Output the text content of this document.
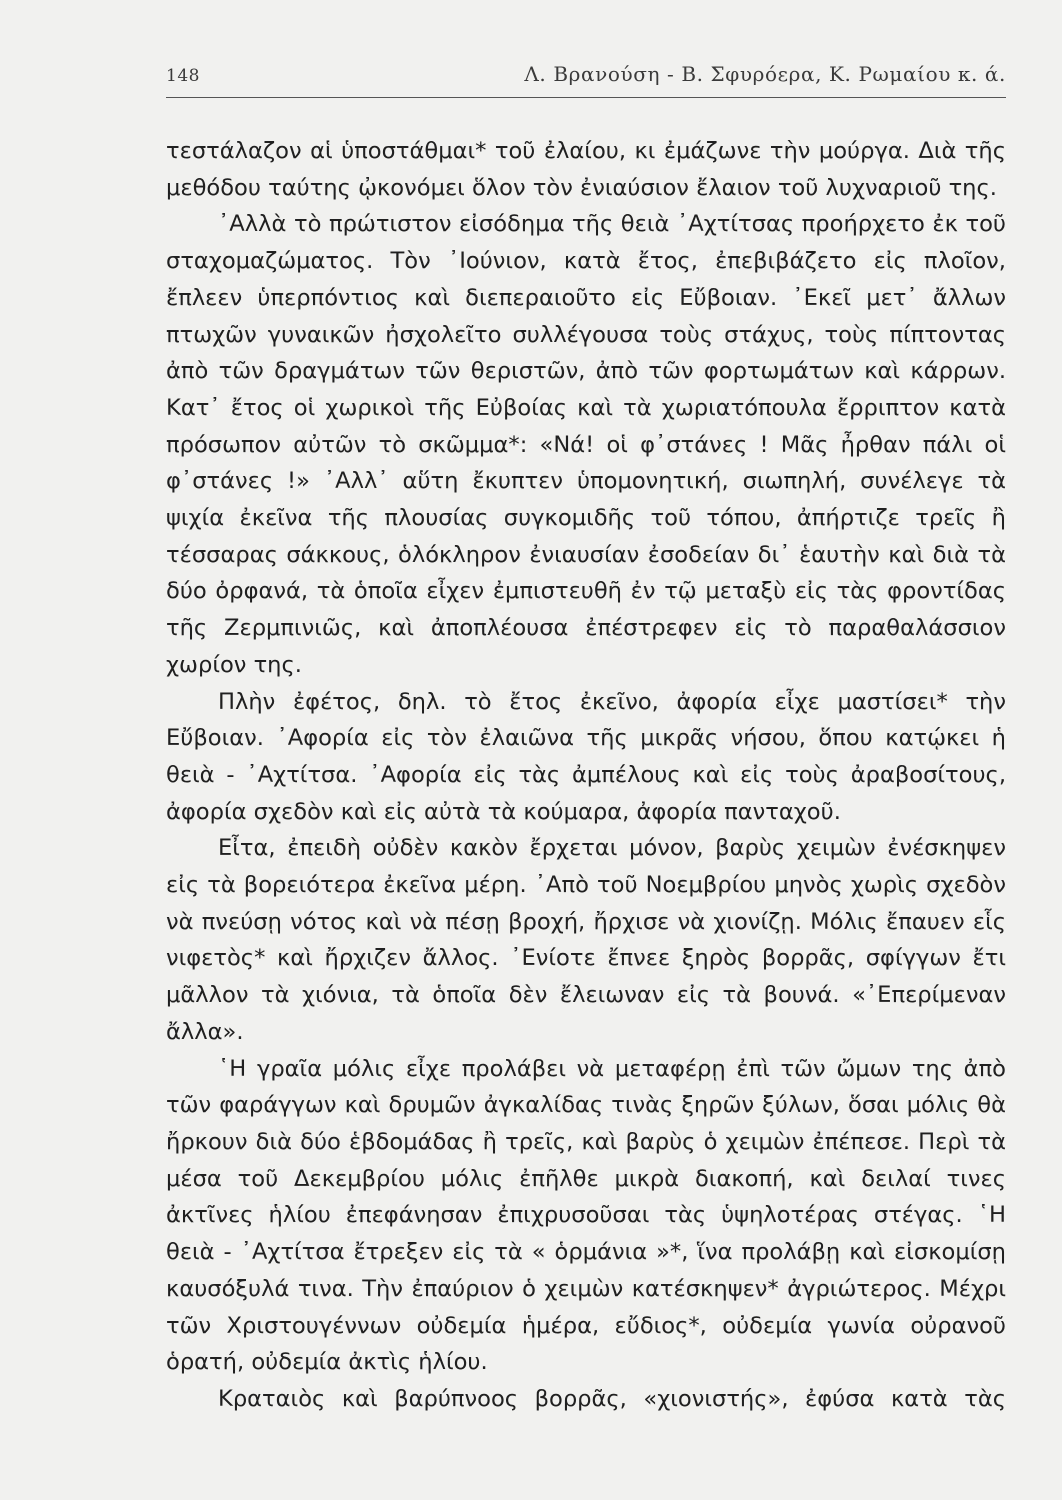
148	Λ. Βρανούση - Β. Σφυρόερα, Κ. Ρωμαίου κ. ά.

τεστάλαζον αἱ ὑποστάθμαι* τοῦ ἐλαίου, κι ἐμάζωνε τὴν μούργα. Διὰ τῆς μεθόδου ταύτης ᾠκονόμει ὅλον τὸν ἐνιαύσιον ἔλαιον τοῦ λυχναριοῦ της.

᾿Αλλὰ τὸ πρώτιστον εἰσόδημα τῆς θειὰ ᾿Αχτίτσας προήρχετο ἐκ τοῦ σταχομαζώματος. Τὸν ᾿Ιούνιον, κατὰ ἔτος, ἐπεβιβάζετο εἰς πλοῖον, ἔπλεεν ὑπερπόντιος καὶ διεπεραιοῦτο εἰς Εὔβοιαν. ᾿Εκεῖ μετ᾿ ἄλλων πτωχῶν γυναικῶν ἠσχολεῖτο συλλέγουσα τοὺς στάχυς, τοὺς πίπτοντας ἀπὸ τῶν δραγμάτων τῶν θεριστῶν, ἀπὸ τῶν φορτωμάτων καὶ κάρρων. Κατ᾿ ἔτος οἱ χωρικοὶ τῆς Εὐβοίας καὶ τὰ χωριατόπουλα ἔρριπτον κατὰ πρόσωπον αὐτῶν τὸ σκῶμμα*: «Νά! οἱ φ᾿στάνες ! Μᾶς ἦρθαν πάλι οἱ φ᾿στάνες !» ᾿Αλλ᾿ αὕτη ἔκυπτεν ὑπομονητική, σιωπηλή, συνέλεγε τὰ ψιχία ἐκεῖνα τῆς πλουσίας συγκομιδῆς τοῦ τόπου, ἀπήρτιζε τρεῖς ἢ τέσσαρας σάκκους, ὁλόκληρον ἐνιαυσίαν ἐσοδείαν δι᾿ ἑαυτὴν καὶ διὰ τὰ δύο ὀρφανά, τὰ ὁποῖα εἶχεν ἐμπιστευθῆ ἐν τῷ μεταξὺ εἰς τὰς φροντίδας τῆς Ζερμπινιῶς, καὶ ἀποπλέουσα ἐπέστρεφεν εἰς τὸ παραθαλάσσιον χωρίον της.

Πλὴν ἐφέτος, δηλ. τὸ ἔτος ἐκεῖνο, ἀφορία εἶχε μαστίσει* τὴν Εὔβοιαν. ᾿Αφορία εἰς τὸν ἐλαιῶνα τῆς μικρᾶς νήσου, ὅπου κατῴκει ἡ θειὰ - ᾿Αχτίτσα. ᾿Αφορία εἰς τὰς ἀμπέλους καὶ εἰς τοὺς ἀραβοσίτους, ἀφορία σχεδὸν καὶ εἰς αὐτὰ τὰ κούμαρα, ἀφορία πανταχοῦ.

Εἶτα, ἐπειδὴ οὐδὲν κακὸν ἔρχεται μόνον, βαρὺς χειμὼν ἐνέσκηψεν εἰς τὰ βορειότερα ἐκεῖνα μέρη. ᾿Απὸ τοῦ Νοεμβρίου μηνὸς χωρὶς σχεδὸν νὰ πνεύσῃ νότος καὶ νὰ πέσῃ βροχή, ἤρχισε νὰ χιονίζῃ. Μόλις ἔπαυεν εἷς νιφετὸς* καὶ ἤρχιζεν ἄλλος. ᾿Ενίοτε ἔπνεε ξηρὸς βορρᾶς, σφίγγων ἔτι μᾶλλον τὰ χιόνια, τὰ ὁποῖα δὲν ἔλειωναν εἰς τὰ βουνά. «᾿Επερίμεναν ἄλλα».

῾Η γραῖα μόλις εἶχε προλάβει νὰ μεταφέρῃ ἐπὶ τῶν ὤμων της ἀπὸ τῶν φαράγγων καὶ δρυμῶν ἀγκαλίδας τινὰς ξηρῶν ξύλων, ὅσαι μόλις θὰ ἤρκουν διὰ δύο ἑβδομάδας ἢ τρεῖς, καὶ βαρὺς ὁ χειμὼν ἐπέπεσε. Περὶ τὰ μέσα τοῦ Δεκεμβρίου μόλις ἐπῆλθε μικρὰ διακοπή, καὶ δειλαί τινες ἀκτῖνες ἡλίου ἐπεφάνησαν ἐπιχρυσοῦσαι τὰς ὑψηλοτέρας στέγας. ῾Η θειὰ - ᾿Αχτίτσα ἔτρεξεν εἰς τὰ « ὁρμάνια »*, ἵνα προλάβῃ καὶ εἰσκομίσῃ καυσόξυλά τινα. Τὴν ἐπαύριον ὁ χειμὼν κατέσκηψεν* ἀγριώτερος. Μέχρι τῶν Χριστουγέννων οὐδεμία ἡμέρα, εὔδιος*, οὐδεμία γωνία οὐρανοῦ ὁρατή, οὐδεμία ἀκτὶς ἡλίου.

Κραταιὸς καὶ βαρύπνοος βορρᾶς, «χιονιστής», ἐφύσα κατὰ τὰς
